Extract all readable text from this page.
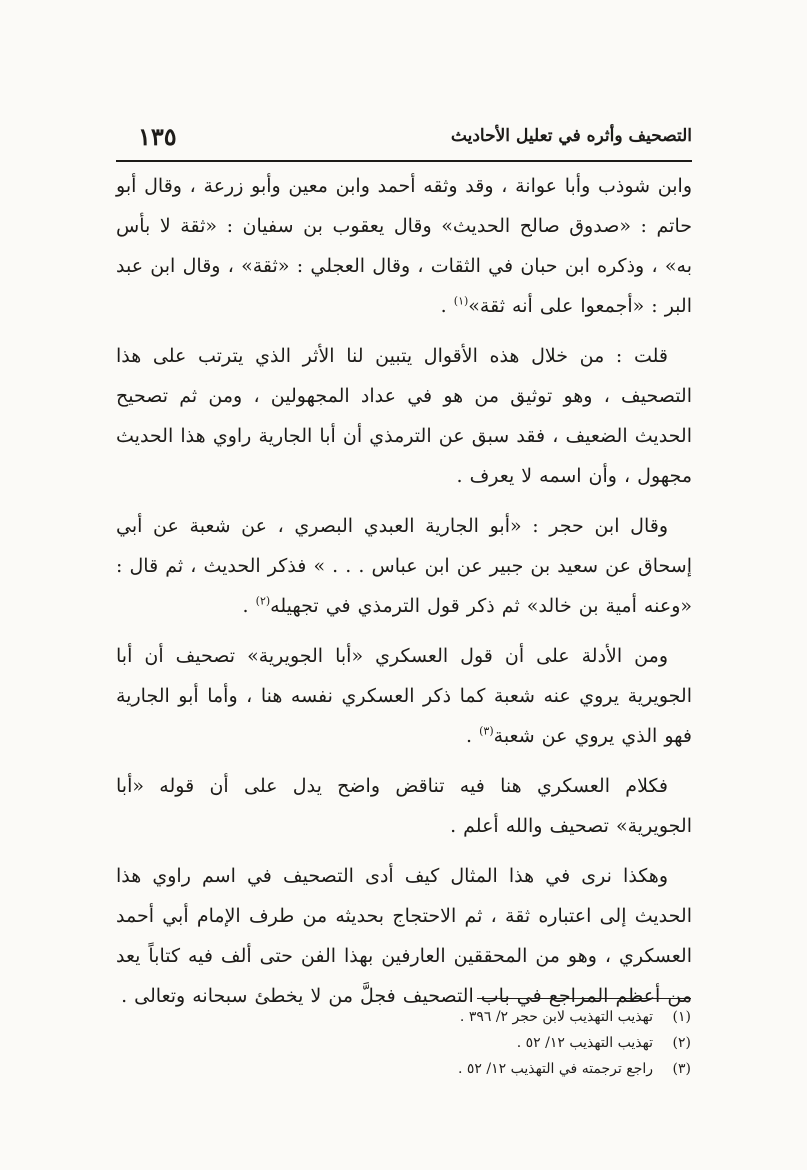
التصحيف وأثره في تعليل الأحاديث
١٣٥

وابن شوذب وأبا عوانة ، وقد وثقه أحمد وابن معين وأبو زرعة ، وقال أبو حاتم : «صدوق صالح الحديث» وقال يعقوب بن سفيان : «ثقة لا بأس به» ، وذكره ابن حبان في الثقات ، وقال العجلي : «ثقة» ، وقال ابن عبد البر : «أجمعوا على أنه ثقة»$^{(١)}$ .

قلت : من خلال هذه الأقوال يتبين لنا الأثر الذي يترتب على هذا التصحيف ، وهو توثيق من هو في عداد المجهولين ، ومن ثم تصحيح الحديث الضعيف ، فقد سبق عن الترمذي أن أبا الجارية راوي هذا الحديث مجهول ، وأن اسمه لا يعرف .

وقال ابن حجر : «أبو الجارية العبدي البصري ، عن شعبة عن أبي إسحاق عن سعيد بن جبير عن ابن عباس . . . » فذكر الحديث ، ثم قال : «وعنه أمية بن خالد» ثم ذكر قول الترمذي في تجهيله$^{(٢)}$ .

ومن الأدلة على أن قول العسكري «أبا الجويرية» تصحيف أن أبا الجويرية يروي عنه شعبة كما ذكر العسكري نفسه هنا ، وأما أبو الجارية فهو الذي يروي عن شعبة$^{(٣)}$ .

فكلام العسكري هنا فيه تناقض واضح يدل على أن قوله «أبا الجويرية» تصحيف والله أعلم .

وهكذا نرى في هذا المثال كيف أدى التصحيف في اسم راوي هذا الحديث إلى اعتباره ثقة ، ثم الاحتجاج بحديثه من طرف الإمام أبي أحمد العسكري ، وهو من المحققين العارفين بهذا الفن حتى ألف فيه كتاباً يعد من أعظم المراجع في باب التصحيف فجلَّ من لا يخطئ سبحانه وتعالى .

(١)تهذيب التهذيب لابن حجر ٢/ ٣٩٦ .
(٢)تهذيب التهذيب ١٢/ ٥٢ .
(٣)راجع ترجمته في التهذيب ١٢/ ٥٢ .
